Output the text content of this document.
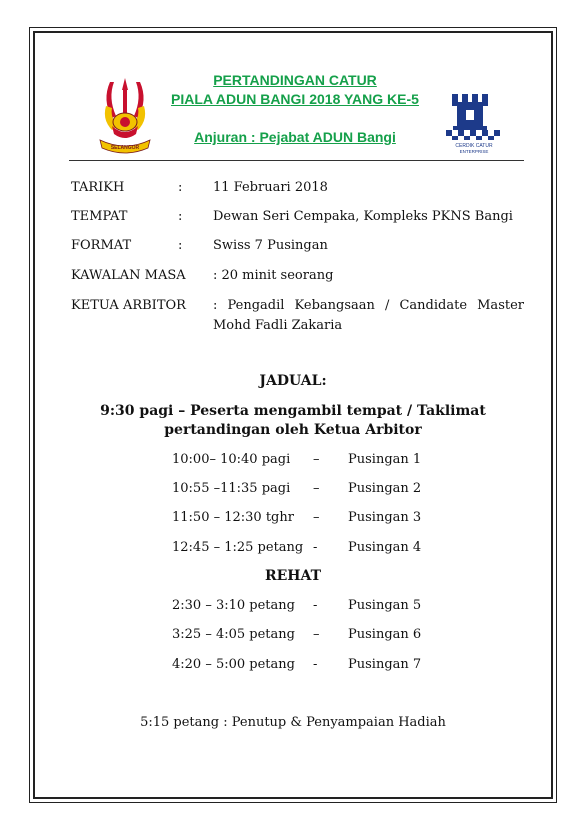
SELANGOR	CERDIK CATUR
ENTERPRISE
PERTANDINGAN CATUR
PIALA ADUN BANGI 2018 YANG KE-5
Anjuran : Pejabat ADUN Bangi
TARIKH	: 11 Februari 2018
TEMPAT	: Dewan Seri Cempaka, Kompleks PKNS Bangi
FORMAT	: Swiss 7 Pusingan
KAWALAN MASA : 20 minit seorang
KETUA ARBITOR : Pengadil Kebangsaan / Candidate Master
Mohd Fadli Zakaria
JADUAL:
9:30 pagi – Peserta mengambil tempat / Taklimat
pertandingan oleh Ketua Arbitor
10:00– 10:40 pagi – Pusingan 1
10:55 –11:35 pagi – Pusingan 2
11:50 – 12:30 tghr – Pusingan 3
12:45 – 1:25 petang - Pusingan 4
REHAT
2:30 – 3:10 petang - Pusingan 5
3:25 – 4:05 petang – Pusingan 6
4:20 – 5:00 petang - Pusingan 7
5:15 petang : Penutup & Penyampaian Hadiah
